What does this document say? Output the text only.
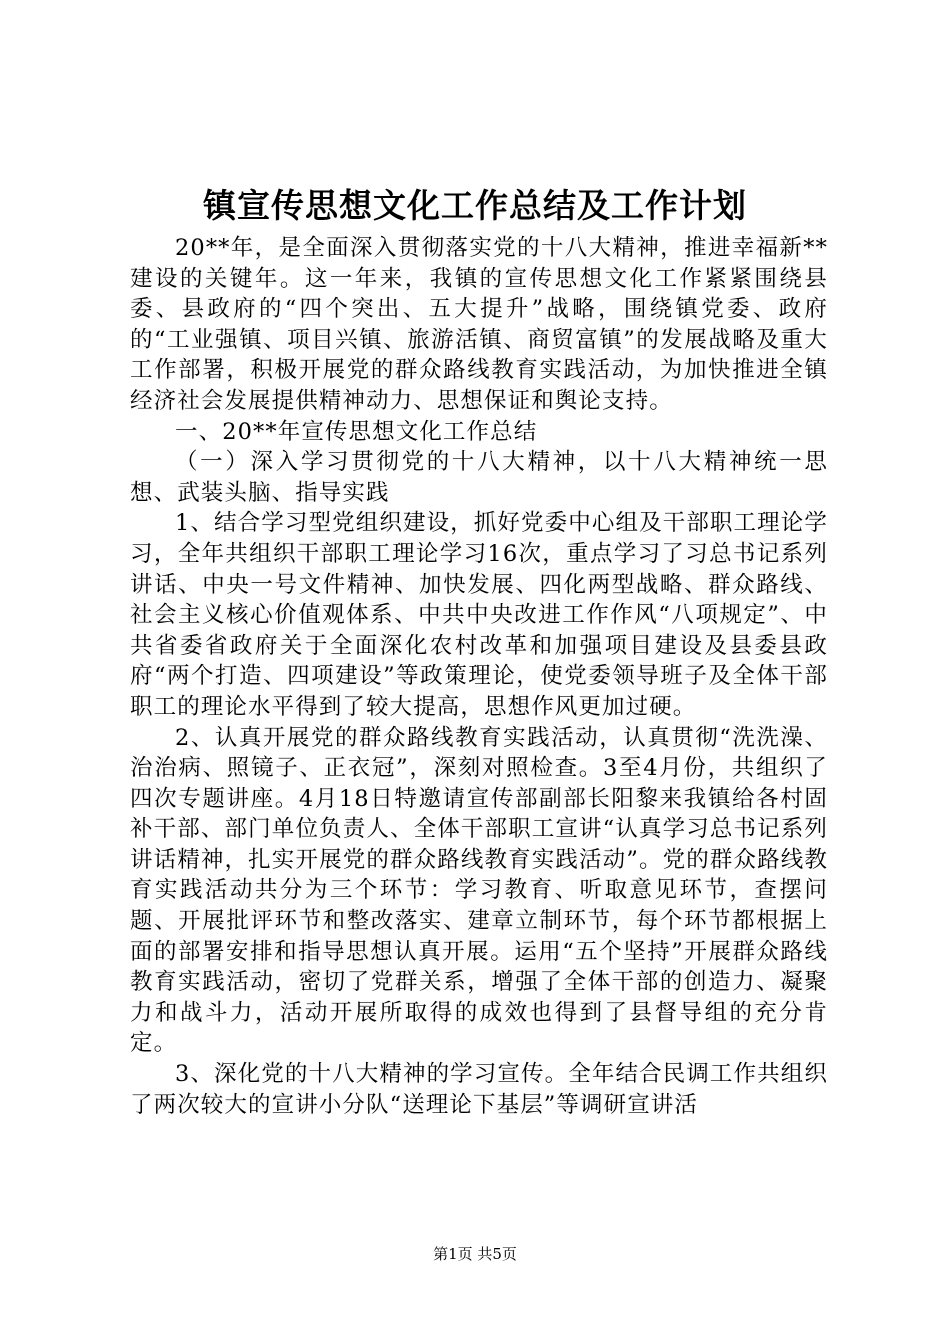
镇宣传思想文化工作总结及工作计划

20**年，是全面深入贯彻落实党的十八大精神，推进幸福新**建设的关键年。这一年来，我镇的宣传思想文化工作紧紧围绕县委、县政府的“四个突出、五大提升”战略，围绕镇党委、政府的“工业强镇、项目兴镇、旅游活镇、商贸富镇”的发展战略及重大工作部署，积极开展党的群众路线教育实践活动，为加快推进全镇经济社会发展提供精神动力、思想保证和舆论支持。

一、20**年宣传思想文化工作总结

（一）深入学习贯彻党的十八大精神，以十八大精神统一思想、武装头脑、指导实践

1、结合学习型党组织建设，抓好党委中心组及干部职工理论学习，全年共组织干部职工理论学习16次，重点学习了习总书记系列讲话、中央一号文件精神、加快发展、四化两型战略、群众路线、社会主义核心价值观体系、中共中央改进工作作风“八项规定”、中共省委省政府关于全面深化农村改革和加强项目建设及县委县政府“两个打造、四项建设”等政策理论，使党委领导班子及全体干部职工的理论水平得到了较大提高，思想作风更加过硬。

2、认真开展党的群众路线教育实践活动，认真贯彻“洗洗澡、治治病、照镜子、正衣冠”，深刻对照检查。3至4月份，共组织了四次专题讲座。4月18日特邀请宣传部副部长阳黎来我镇给各村固补干部、部门单位负责人、全体干部职工宣讲“认真学习总书记系列讲话精神，扎实开展党的群众路线教育实践活动”。党的群众路线教育实践活动共分为三个环节：学习教育、听取意见环节，查摆问题、开展批评环节和整改落实、建章立制环节，每个环节都根据上面的部署安排和指导思想认真开展。运用“五个坚持”开展群众路线教育实践活动，密切了党群关系，增强了全体干部的创造力、凝聚力和战斗力，活动开展所取得的成效也得到了县督导组的充分肯定。

3、深化党的十八大精神的学习宣传。全年结合民调工作共组织了两次较大的宣讲小分队“送理论下基层”等调研宣讲活

第1页 共5页
